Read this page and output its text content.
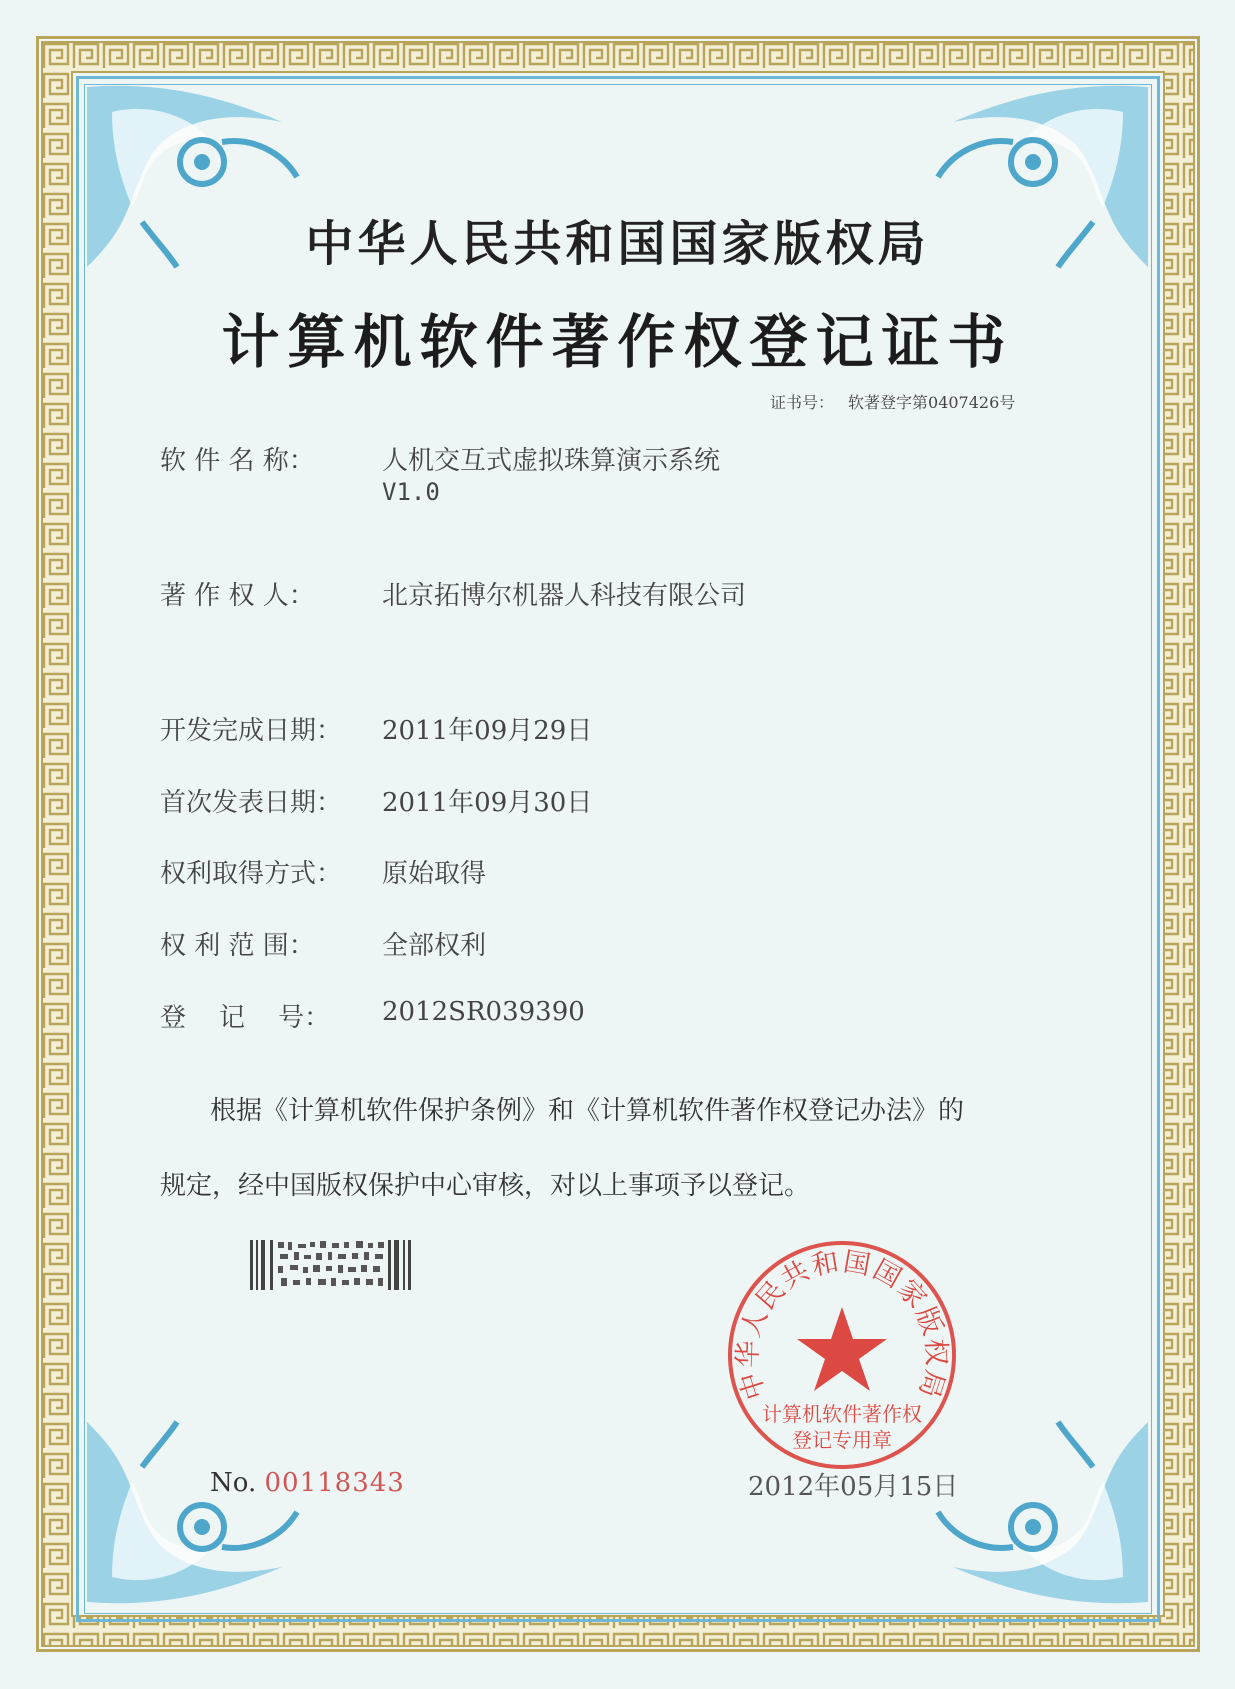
中华人民共和国国家版权局
计算机软件著作权登记证书
证书号： 软著登字第0407426号
软 件 名 称：	人机交互式虚拟珠算演示系统
V1.0
著 作 权 人：	北京拓博尔机器人科技有限公司
开发完成日期： 2011年09月29日
首次发表日期： 2011年09月30日
权利取得方式： 原始取得
权 利 范 围：	全部权利
登    记    号： 2012SR039390
根据《计算机软件保护条例》和《计算机软件著作权登记办法》的
规定，经中国版权保护中心审核，对以上事项予以登记。
No. 00118343	2012年05月15日
中华人民共和国国家版权局
计算机软件著作权
登记专用章
